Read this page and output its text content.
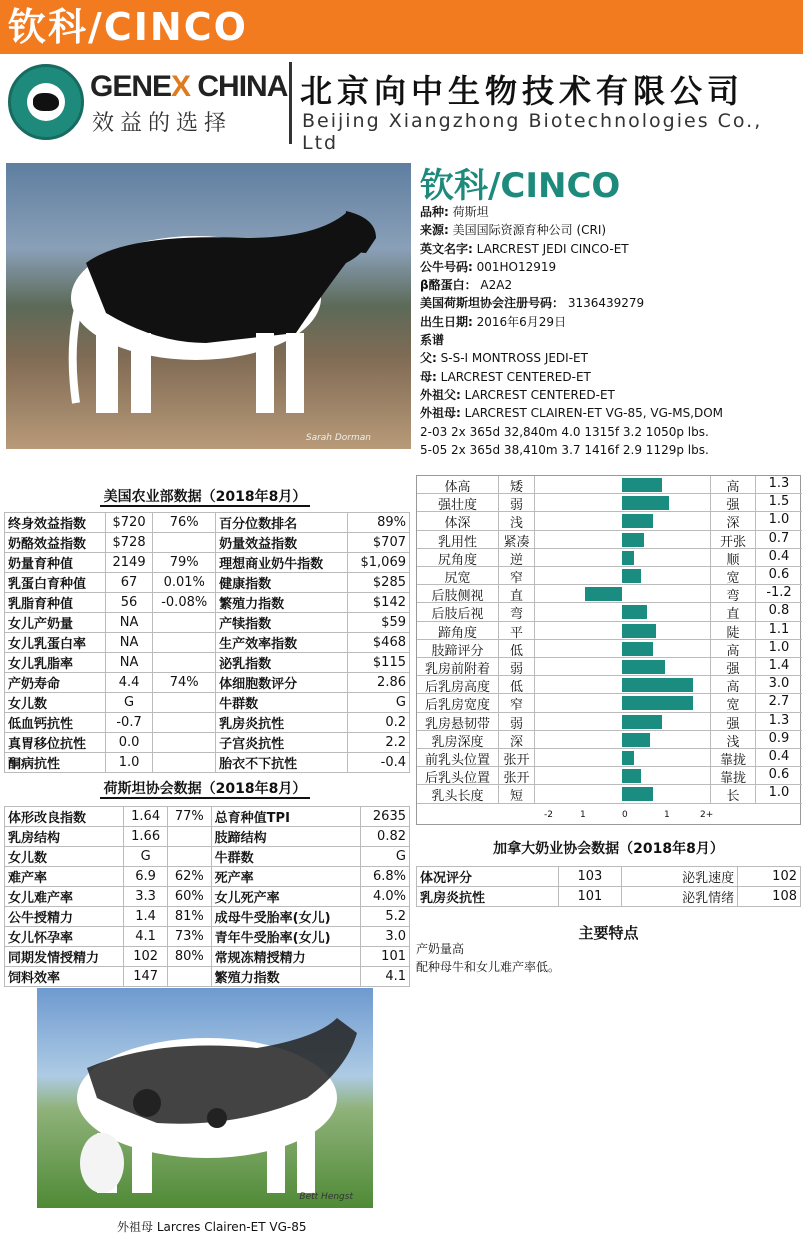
钦科/CINCO
GENEX CHINA
效益的选择
北京向中生物技术有限公司
Beijing Xiangzhong Biotechnologies Co., Ltd
Sarah Dorman
钦科/CINCO
品种: 荷斯坦
来源: 美国国际资源育种公司 (CRI)
英文名字: LARCREST JEDI CINCO-ET
公牛号码: 001HO12919
β酪蛋白： A2A2
美国荷斯坦协会注册号码： 3136439279
出生日期: 2016年6月29日
系谱
父: S-S-I MONTROSS JEDI-ET
母: LARCREST CENTERED-ET
外祖父: LARCREST CENTERED-ET
外祖母: LARCREST CLAIREN-ET VG-85, VG-MS,DOM
2-03 2x 365d 32,840m 4.0 1315f 3.2 1050p lbs.
5-05 2x 365d 38,410m 3.7 1416f 2.9 1129p lbs.
美国农业部数据（2018年8月）
终身效益指数	$720	76%	百分位数排名	89%
奶酪效益指数	$728		奶量效益指数	$707
奶量育种值	2149	79%	理想商业奶牛指数	$1,069
乳蛋白育种值	67	0.01%	健康指数	$285
乳脂育种值	56	-0.08%	繁殖力指数	$142
女儿产奶量	NA		产犊指数	$59
女儿乳蛋白率	NA		生产效率指数	$468
女儿乳脂率	NA		泌乳指数	$115
产奶寿命	4.4	74%	体细胞数评分	2.86
女儿数	G		牛群数	G
低血钙抗性	-0.7		乳房炎抗性	0.2
真胃移位抗性	0.0		子宫炎抗性	2.2
酮病抗性	1.0		胎衣不下抗性	-0.4
荷斯坦协会数据（2018年8月）
体形改良指数	1.64	77%	总育种值TPI	2635
乳房结构	1.66		肢蹄结构	0.82
女儿数	G		牛群数	G
难产率	6.9	62%	死产率	6.8%
女儿难产率	3.3	60%	女儿死产率	4.0%
公牛授精力	1.4	81%	成母牛受胎率(女儿)	5.2
女儿怀孕率	4.1	73%	青年牛受胎率(女儿)	3.0
同期发情授精力	102	80%	常规冻精授精力	101
饲料效率	147		繁殖力指数	4.1
体高	矮	高	1.3
强壮度	弱	强	1.5
体深	浅	深	1.0
乳用性	紧凑	开张	0.7
尻角度	逆	顺	0.4
尻宽	窄	宽	0.6
后肢侧视	直	弯	-1.2
后肢后视	弯	直	0.8
蹄角度	平	陡	1.1
肢蹄评分	低	高	1.0
乳房前附着	弱	强	1.4
后乳房高度	低	高	3.0
后乳房宽度	窄	宽	2.7
乳房悬韧带	弱	强	1.3
乳房深度	深	浅	0.9
前乳头位置	张开	靠拢	0.4
后乳头位置	张开	靠拢	0.6
乳头长度	短	长	1.0
-2	1	0	1	2+
加拿大奶业协会数据（2018年8月）
体况评分	103	泌乳速度	102
乳房炎抗性	101	泌乳情绪	108
主要特点
产奶量高
配种母牛和女儿难产率低。
Bett Hengst
外祖母 Larcres Clairen-ET VG-85
